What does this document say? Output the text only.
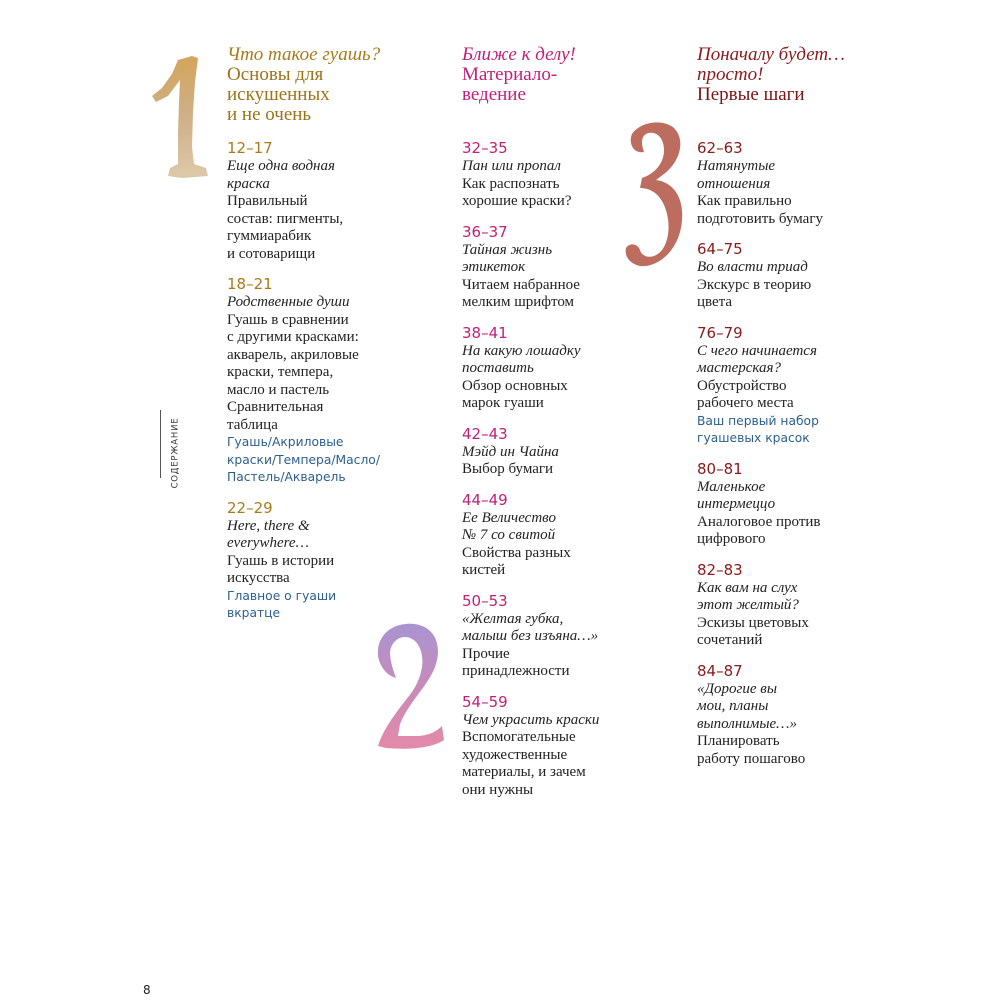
СОДЕРЖАНИЕ
Что такое гуашь?
Основы для
искушенных
и не очень
12–17
Еще одна водная
краска
Правильный
состав: пигменты,
гуммиарабик
и сотоварищи
18–21
Родственные души
Гуашь в сравнении
с другими красками:
акварель, акриловые
краски, темпера,
масло и пастель
Сравнительная
таблица
Гуашь/Акриловые
краски/Темпера/Масло/
Пастель/Акварель
22–29
Here, there &
everywhere…
Гуашь в истории
искусства
Главное о гуаши
вкратце
Ближе к делу!
Материало-
ведение
32–35
Пан или пропал
Как распознать
хорошие краски?
36–37
Тайная жизнь
этикеток
Читаем набранное
мелким шрифтом
38–41
На какую лошадку
поставить
Обзор основных
марок гуаши
42–43
Мэйд ин Чайна
Выбор бумаги
44–49
Ее Величество
№ 7 со свитой
Свойства разных
кистей
50–53
«Желтая губка,
малыш без изъяна…»
Прочие
принадлежности
54–59
Чем украсить краски
Вспомогательные
художественные
материалы, и зачем
они нужны
Поначалу будет…
просто!
Первые шаги
62–63
Натянутые
отношения
Как правильно
подготовить бумагу
64–75
Во власти триад
Экскурс в теорию
цвета
76–79
С чего начинается
мастерская?
Обустройство
рабочего места
Ваш первый набор
гуашевых красок
80–81
Маленькое
интермеццо
Аналоговое против
цифрового
82–83
Как вам на слух
этот желтый?
Эскизы цветовых
сочетаний
84–87
«Дорогие вы
мои, планы
выполнимые…»
Планировать
работу пошагово
8
